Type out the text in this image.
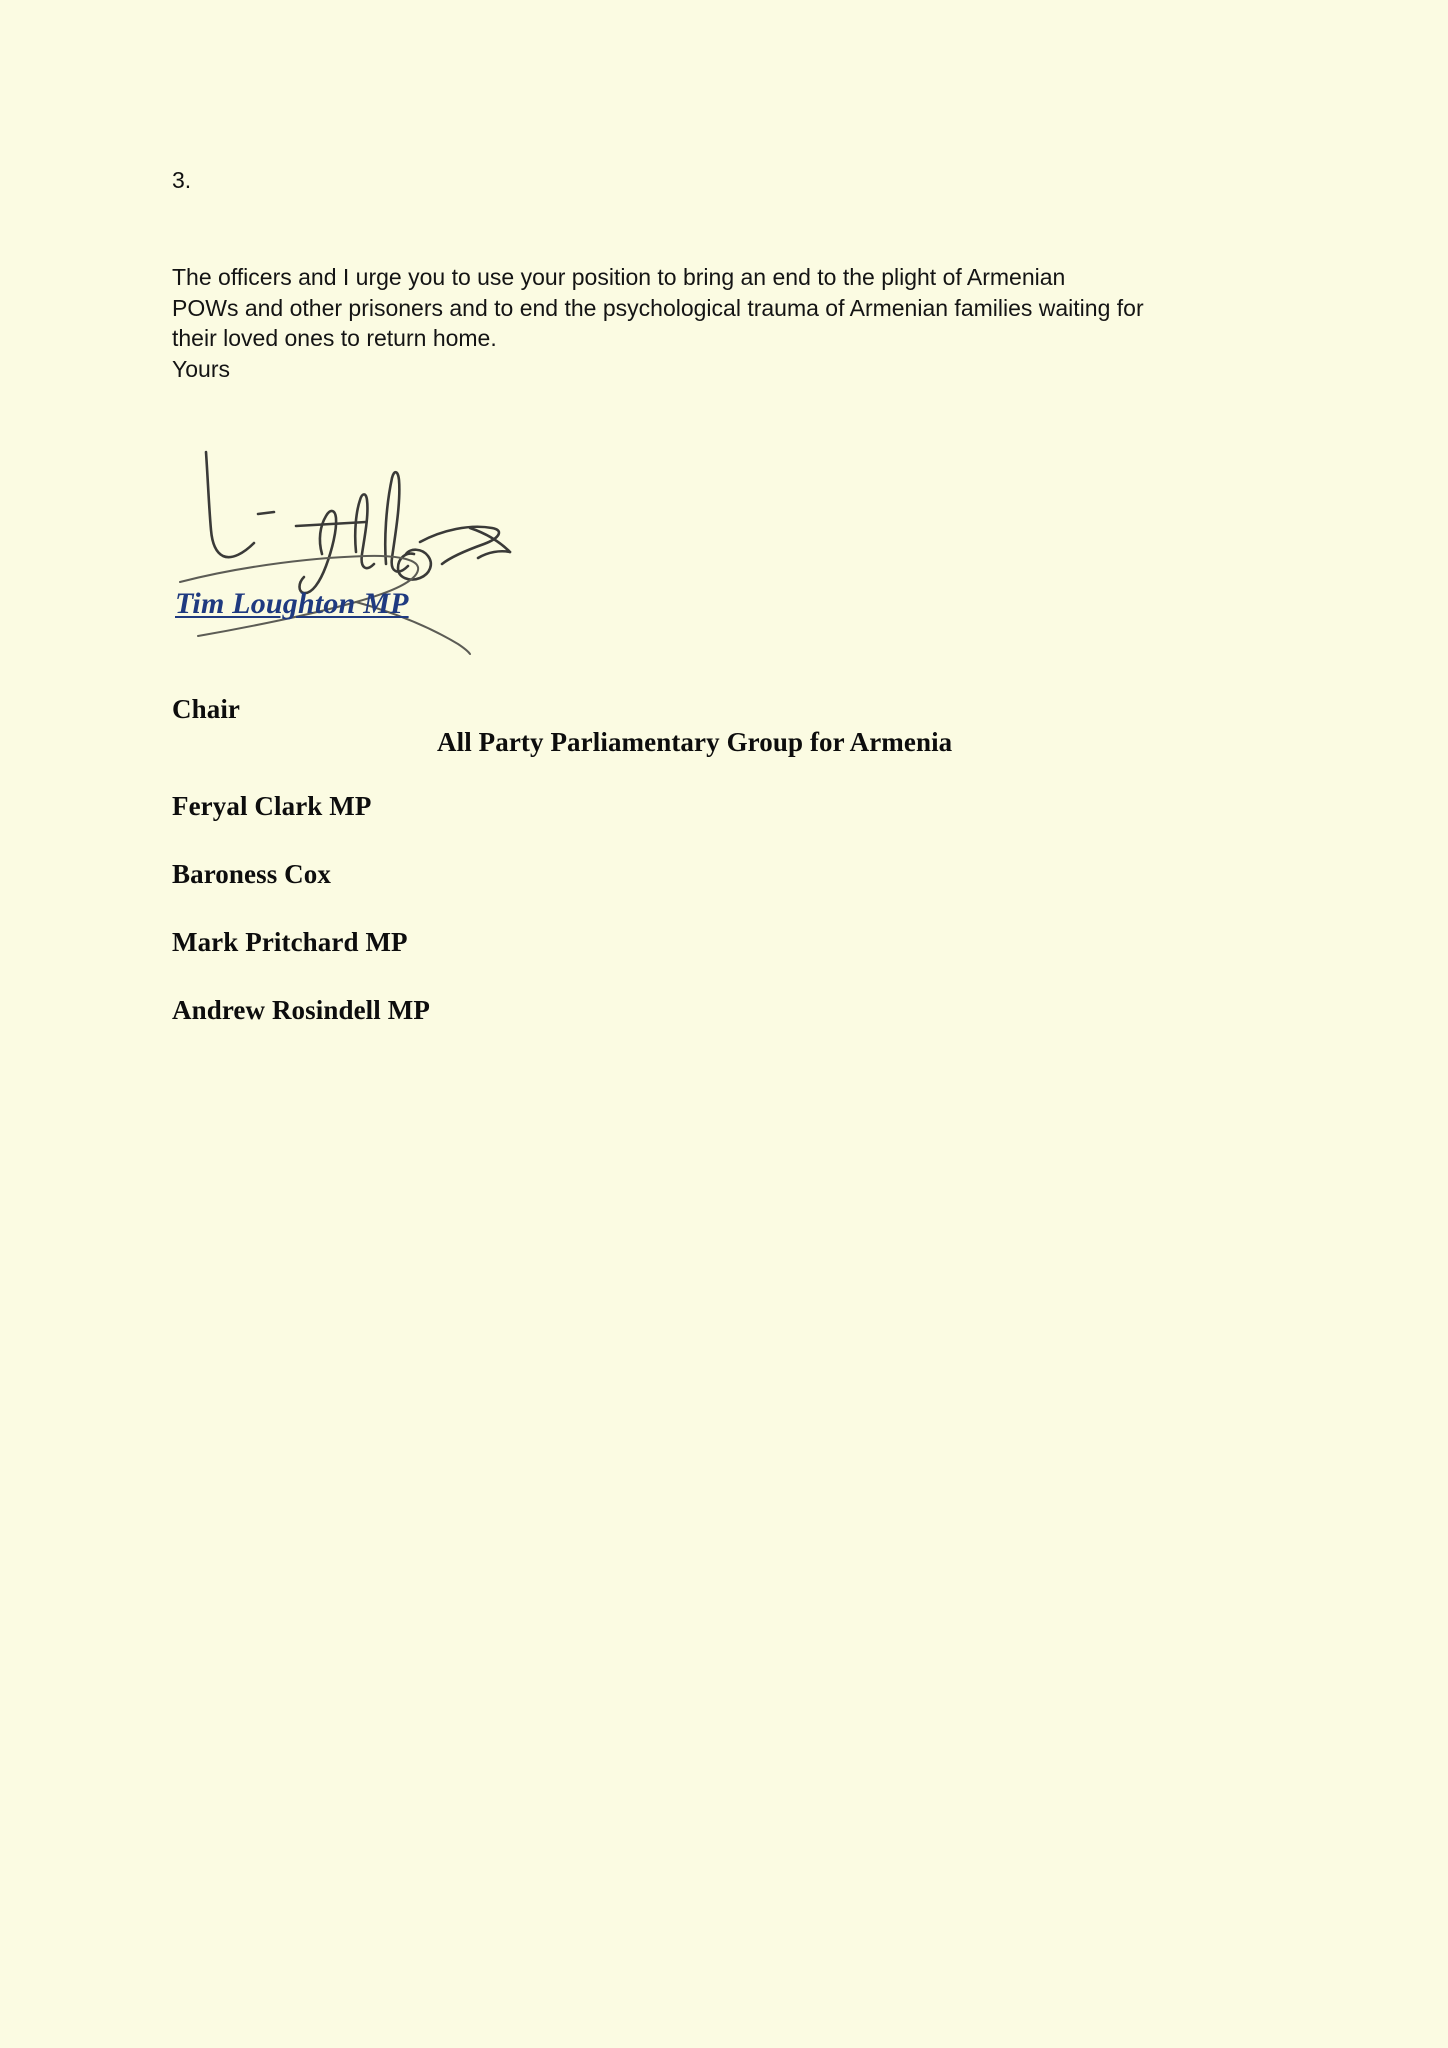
3.
The officers and I urge you to use your position to bring an end to the plight of Armenian
POWs and other prisoners and to end the psychological trauma of Armenian families waiting for
their loved ones to return home.
Yours
Tim Loughton MP
Chair
All Party Parliamentary Group for Armenia
Feryal Clark MP
Baroness Cox
Mark Pritchard MP
Andrew Rosindell MP
